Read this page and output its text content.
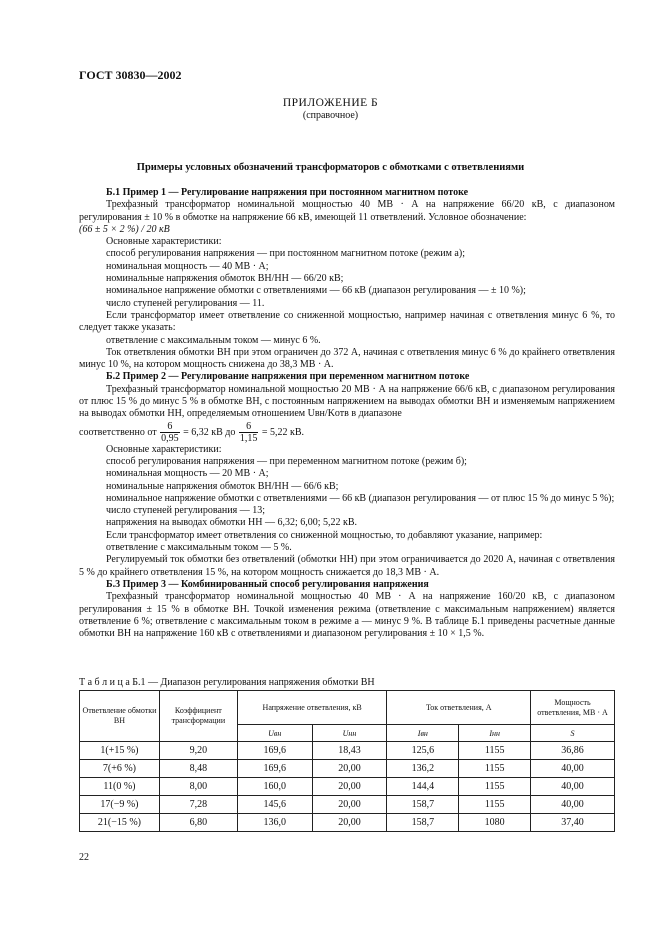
ГОСТ 30830—2002
ПРИЛОЖЕНИЕ Б
(справочное)
Примеры условных обозначений трансформаторов с обмотками с ответвлениями

Б.1 Пример 1 — Регулирование напряжения при постоянном магнитном потоке

Трехфазный трансформатор номинальной мощностью 40 МВ · А на напряжение 66/20 кВ, с диапазоном регулирования ± 10 % в обмотке на напряжение 66 кВ, имеющей 11 ответвлений. Условное обозначение:

(66 ± 5 × 2 %) / 20 кВ

Основные характеристики:

способ регулирования напряжения — при постоянном магнитном потоке (режим а);

номинальная мощность — 40 МВ · А;

номинальные напряжения обмоток ВН/НН — 66/20 кВ;

номинальное напряжение обмотки с ответвлениями — 66 кВ (диапазон регулирования — ± 10 %);

число ступеней регулирования — 11.

Если трансформатор имеет ответвление со сниженной мощностью, например начиная с ответвления минус 6 %, то следует также указать:

ответвление с максимальным током — минус 6 %.

Ток ответвления обмотки ВН при этом ограничен до 372 А, начиная с ответвления минус 6 % до крайнего ответвления минус 10 %, на котором мощность снижена до 38,3 МВ · А.

Б.2 Пример 2 — Регулирование напряжения при переменном магнитном потоке

Трехфазный трансформатор номинальной мощностью 20 МВ · А на напряжение 66/6 кВ, с диапазоном регулирования от плюс 15 % до минус 5 % в обмотке ВН, с постоянным напряжением на выводах обмотки ВН и изменяемым напряжением на выводах обмотки НН, определяемым отношением Uвн/Kотв в диапазоне

соответственно от $\frac{6}{0,95} = 6,32$ кВ до $\frac{6}{1,15} = 5,22$ кВ.

Основные характеристики:

способ регулирования напряжения — при переменном магнитном потоке (режим б);

номинальная мощность — 20 МВ · А;

номинальные напряжения обмоток ВН/НН — 66/6 кВ;

номинальное напряжение обмотки с ответвлениями — 66 кВ (диапазон регулирования — от плюс 15 % до минус 5 %);

число ступеней регулирования — 13;

напряжения на выводах обмотки НН — 6,32; 6,00; 5,22 кВ.

Если трансформатор имеет ответвления со сниженной мощностью, то добавляют указание, например:

ответвление с максимальным током — 5 %.

Регулируемый ток обмотки без ответвлений (обмотки НН) при этом ограничивается до 2020 А, начиная с ответвления 5 % до крайнего ответвления 15 %, на котором мощность снижается до 18,3 МВ · А.

Б.3 Пример 3 — Комбинированный способ регулирования напряжения

Трехфазный трансформатор номинальной мощностью 40 МВ · А на напряжение 160/20 кВ, с диапазоном регулирования ± 15 % в обмотке ВН. Точкой изменения режима (ответвление с максимальным напряжением) является ответвление 6 %; ответвление с максимальным током в режиме а — минус 9 %. В таблице Б.1 приведены расчетные данные обмотки ВН на напряжение 160 кВ с ответвлениями и диапазоном регулирования ± 10 × 1,5 %.

Т а б л и ц а Б.1 — Диапазон регулирования напряжения обмотки ВН
Ответвление обмотки ВН	Коэффициент трансформации	Напряжение ответвления, кВ		Ток ответвления, А		Мощность ответвления, МВ · А
		Uвн	Uнн	Iвн	Iнн	S
1(+15 %)	9,20	169,6	18,43	125,6	1155	36,86
7(+6 %)	8,48	169,6	20,00	136,2	1155	40,00
11(0 %)	8,00	160,0	20,00	144,4	1155	40,00
17(−9 %)	7,28	145,6	20,00	158,7	1155	40,00
21(−15 %)	6,80	136,0	20,00	158,7	1080	37,40
22
